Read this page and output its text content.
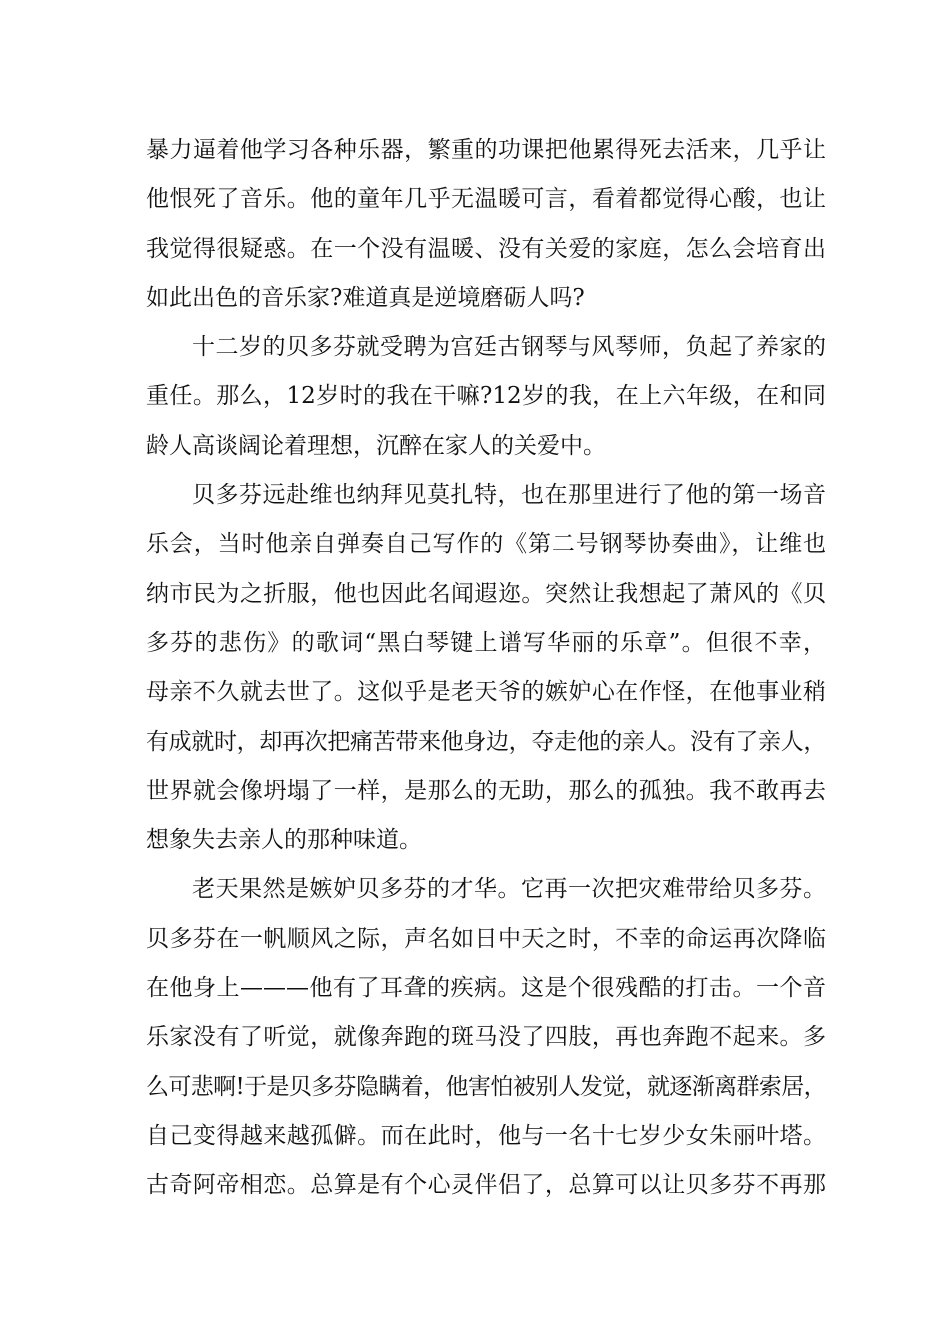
暴力逼着他学习各种乐器，繁重的功课把他累得死去活来，几乎让
他恨死了音乐。他的童年几乎无温暖可言，看着都觉得心酸，也让
我觉得很疑惑。在一个没有温暖、没有关爱的家庭，怎么会培育出
如此出色的音乐家?难道真是逆境磨砺人吗?
十二岁的贝多芬就受聘为宫廷古钢琴与风琴师，负起了养家的
重任。那么，12岁时的我在干嘛?12岁的我，在上六年级，在和同
龄人高谈阔论着理想，沉醉在家人的关爱中。
贝多芬远赴维也纳拜见莫扎特，也在那里进行了他的第一场音
乐会，当时他亲自弹奏自己写作的《第二号钢琴协奏曲》，让维也
纳市民为之折服，他也因此名闻遐迩。突然让我想起了萧风的《贝
多芬的悲伤》的歌词“黑白琴键上谱写华丽的乐章”。但很不幸，
母亲不久就去世了。这似乎是老天爷的嫉妒心在作怪，在他事业稍
有成就时，却再次把痛苦带来他身边，夺走他的亲人。没有了亲人，
世界就会像坍塌了一样，是那么的无助，那么的孤独。我不敢再去
想象失去亲人的那种味道。
老天果然是嫉妒贝多芬的才华。它再一次把灾难带给贝多芬。
贝多芬在一帆顺风之际，声名如日中天之时，不幸的命运再次降临
在他身上———他有了耳聋的疾病。这是个很残酷的打击。一个音
乐家没有了听觉，就像奔跑的斑马没了四肢，再也奔跑不起来。多
么可悲啊!于是贝多芬隐瞒着，他害怕被别人发觉，就逐渐离群索居，
自己变得越来越孤僻。而在此时，他与一名十七岁少女朱丽叶塔。
古奇阿帝相恋。总算是有个心灵伴侣了，总算可以让贝多芬不再那
